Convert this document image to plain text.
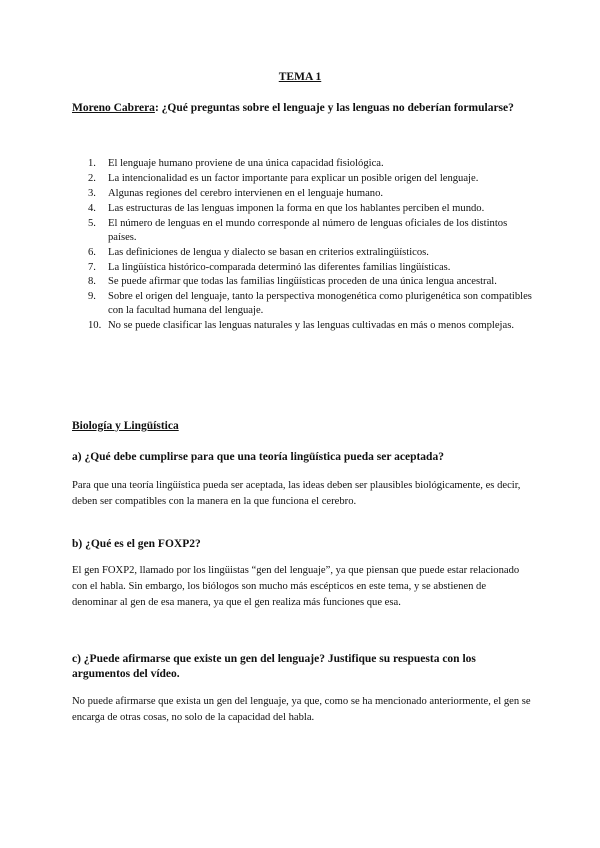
TEMA 1
Moreno Cabrera: ¿Qué preguntas sobre el lenguaje y las lenguas no deberían formularse?
1.	El lenguaje humano proviene de una única capacidad fisiológica.
2.	La intencionalidad es un factor importante para explicar un posible origen del lenguaje.
3.	Algunas regiones del cerebro intervienen en el lenguaje humano.
4.	Las estructuras de las lenguas imponen la forma en que los hablantes perciben el mundo.
5.	El número de lenguas en el mundo corresponde al número de lenguas oficiales de los distintos países.
6.	Las definiciones de lengua y dialecto se basan en criterios extralingüísticos.
7.	La lingüística histórico-comparada determinó las diferentes familias lingüísticas.
8.	Se puede afirmar que todas las familias lingüísticas proceden de una única lengua ancestral.
9.	Sobre el origen del lenguaje, tanto la perspectiva monogenética como plurigenética son compatibles con la facultad humana del lenguaje.
10. No se puede clasificar las lenguas naturales y las lenguas cultivadas en más o menos complejas.
Biología y Lingüística
a) ¿Qué debe cumplirse para que una teoría lingüística pueda ser aceptada?
Para que una teoría lingüística pueda ser aceptada, las ideas deben ser plausibles biológicamente, es decir, deben ser compatibles con la manera en la que funciona el cerebro.
b) ¿Qué es el gen FOXP2?
El gen FOXP2, llamado por los lingüistas “gen del lenguaje”, ya que piensan que puede estar relacionado con el habla. Sin embargo, los biólogos son mucho más escépticos en este tema, y se abstienen de denominar al gen de esa manera, ya que el gen realiza más funciones que esa.
c) ¿Puede afirmarse que existe un gen del lenguaje? Justifique su respuesta con los argumentos del vídeo.
No puede afirmarse que exista un gen del lenguaje, ya que, como se ha mencionado anteriormente, el gen se encarga de otras cosas, no solo de la capacidad del habla.
